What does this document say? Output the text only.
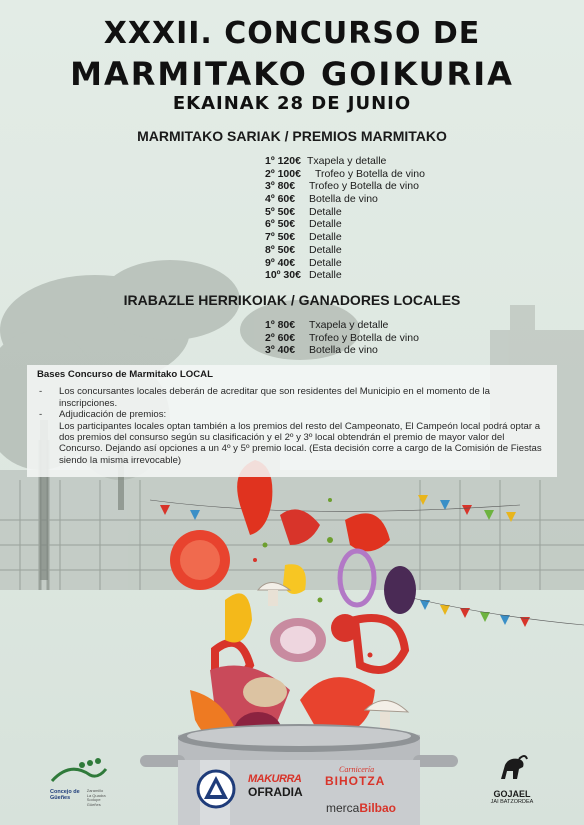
XXXII. CONCURSO DE
MARMITAKO GOIKURIA
EKAINAK 28 DE JUNIO
MARMITAKO SARIAK / PREMIOS MARMITAKO
1º 120€ Txapela y detalle
2º 100€ Trofeo y Botella de vino
3º 80€ Trofeo y Botella de vino
4º 60€ Botella de vino
5º 50€ Detalle
6º 50€ Detalle
7º 50€ Detalle
8º 50€ Detalle
9º 40€ Detalle
10º 30€ Detalle
IRABAZLE HERRIKOIAK / GANADORES LOCALES
1º 80€ Txapela y detalle
2º 60€ Trofeo y Botella de vino
3º 40€ Botella de vino
Bases Concurso de Marmitako LOCAL
- Los concursantes locales deberán de acreditar que son residentes del Municipio en el momento de la inscripciones.
- Adjudicación de premios:
Los participantes locales optan también a los premios del resto del Campeonato, El Campeón local podrá optar a dos premios del consurso según su clasificación y el 2º y 3º local obtendrán el premio de mayor valor del Concurso. Dejando así opciones a un 4º y 5º premio local. (Esta decisión corre a cargo de la Comisión de Fiestas siendo la misma irrevocable)

Concejo de
Güeñes

Zaramillo
La Quadra
Sodupe
Güeñes
MAKURRA
OFRADIA
Carnicería
BIHOTZA
mercaBilbao
GOJAEL
JAI BATZORDEA
